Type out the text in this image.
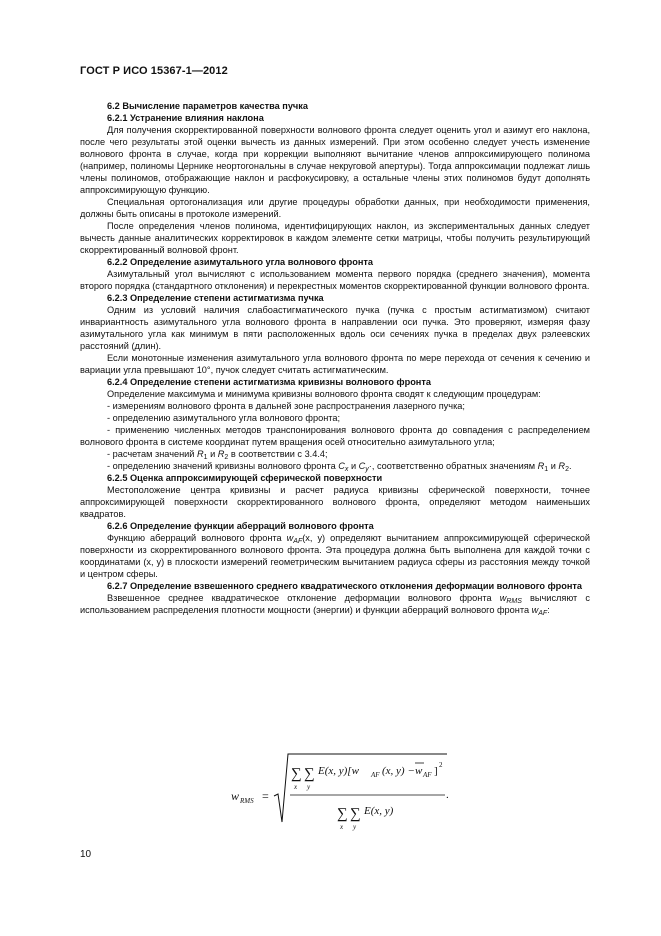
ГОСТ Р ИСО 15367-1—2012

6.2 Вычисление параметров качества пучка

6.2.1 Устранение влияния наклона

Для получения скорректированной поверхности волнового фронта следует оценить угол и азимут его наклона, после чего результаты этой оценки вычесть из данных измерений. При этом особенно следует учесть изменение волнового фронта в случае, когда при коррекции выполняют вычитание членов аппроксимирующего полинома (например, полиномы Цернике неортогональны в случае некруговой апертуры). Тогда аппроксимации подлежат лишь члены полиномов, отображающие наклон и расфокусировку, а остальные члены этих полиномов будут дополнять аппроксимирующую функцию.

Специальная ортогонализация или другие процедуры обработки данных, при необходимости применения, должны быть описаны в протоколе измерений.

После определения членов полинома, идентифицирующих наклон, из экспериментальных данных следует вычесть данные аналитических корректировок в каждом элементе сетки матрицы, чтобы получить результирующий скорректированный волновой фронт.

6.2.2 Определение азимутального угла волнового фронта

Азимутальный угол вычисляют с использованием момента первого порядка (среднего значения), момента второго порядка (стандартного отклонения) и перекрестных моментов скорректированной функции волнового фронта.

6.2.3 Определение степени астигматизма пучка

Одним из условий наличия слабоастигматического пучка (пучка с простым астигматизмом) считают инвариантность азимутального угла волнового фронта в направлении оси пучка. Это проверяют, измеряя фазу азимутального угла как минимум в пяти расположенных вдоль оси сечениях пучка в пределах двух рэлеевских расстояний (длин).

Если монотонные изменения азимутального угла волнового фронта по мере перехода от сечения к сечению и вариации угла превышают 10°, пучок следует считать астигматическим.

6.2.4 Определение степени астигматизма кривизны волнового фронта

Определение максимума и минимума кривизны волнового фронта сводят к следующим процедурам:

- измерениям волнового фронта в дальней зоне распространения лазерного пучка;

- определению азимутального угла волнового фронта;

- применению численных методов транспонирования волнового фронта до совпадения с распределением волнового фронта в системе координат путем вращения осей относительно азимутального угла;

- расчетам значений $R_1$ и $R_2$ в соответствии с 3.4.4;

- определению значений кривизны волнового фронта $C_x$ и $C_y\cdot$, соответственно обратных значениям $R_1$ и $R_2$.

6.2.5 Оценка аппроксимирующей сферической поверхности

Местоположение центра кривизны и расчет радиуса кривизны сферической поверхности, точнее аппроксимирующей поверхности скорректированного волнового фронта, определяют методом наименьших квадратов.

6.2.6 Определение функции аберраций волнового фронта

Функцию аберраций волнового фронта $w_{AF}(x$, y) определяют вычитанием аппроксимирующей сферической поверхности из скорректированного волнового фронта. Эта процедура должна быть выполнена для каждой точки с координатами (x, y) в плоскости измерений геометрическим вычитанием радиуса сферы из расстояния между точкой и центром сферы.

6.2.7 Определение взвешенного среднего квадратического отклонения деформации волнового фронта

Взвешенное среднее квадратическое отклонение деформации волнового фронта $w_{RMS}$ вычисляют с использованием распределения плотности мощности (энергии) и функции аберраций волнового фронта $w_{AF}$:

w RMS =
∑ ∑
x y
E(x, y)[w AF (x, y) − w AF ] 2
.
∑ ∑
x y
E(x, y)
10
